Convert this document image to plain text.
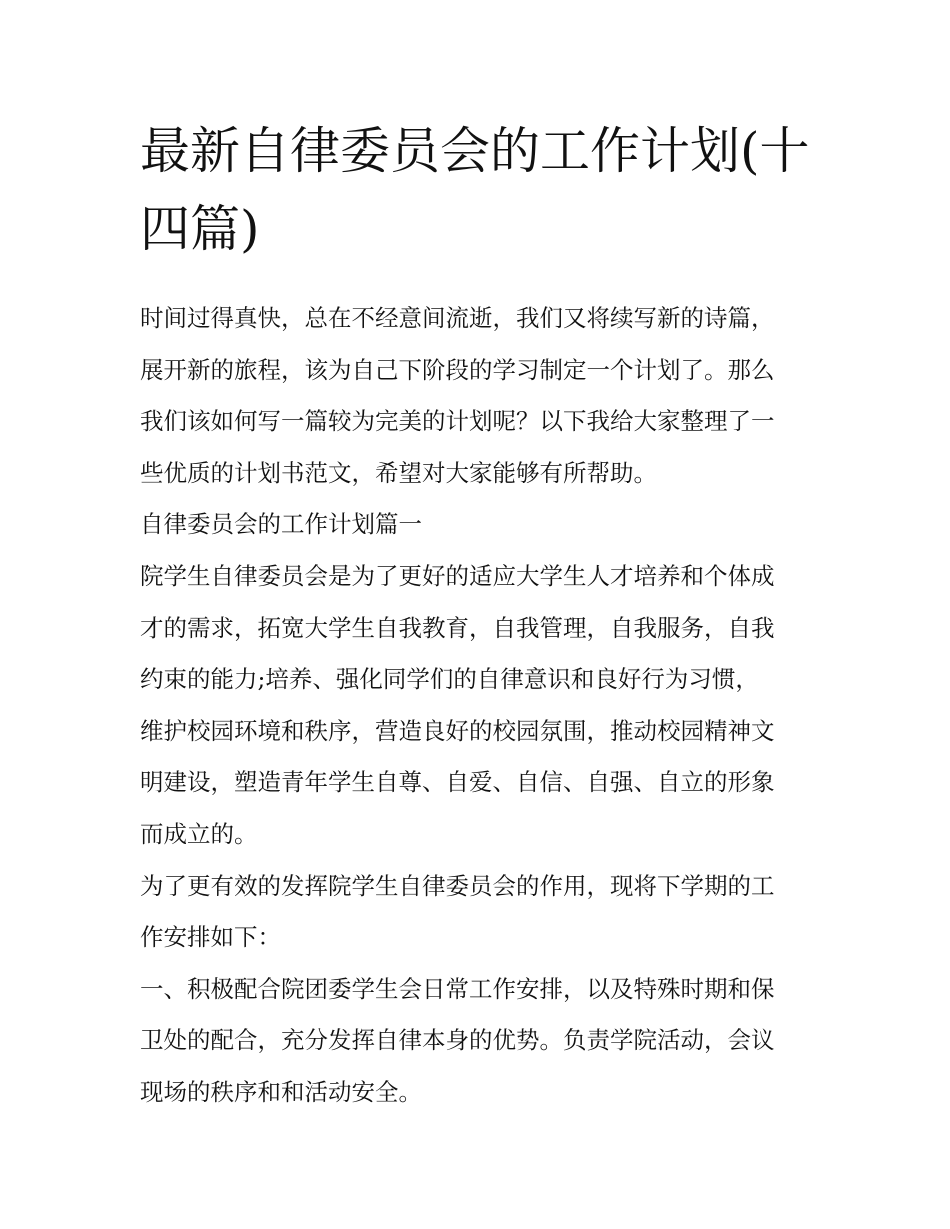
最新自律委员会的工作计划(十
四篇)

时间过得真快，总在不经意间流逝，我们又将续写新的诗篇，

展开新的旅程，该为自己下阶段的学习制定一个计划了。那么

我们该如何写一篇较为完美的计划呢？以下我给大家整理了一

些优质的计划书范文，希望对大家能够有所帮助。

自律委员会的工作计划篇一

院学生自律委员会是为了更好的适应大学生人才培养和个体成

才的需求，拓宽大学生自我教育，自我管理，自我服务，自我

约束的能力;培养、强化同学们的自律意识和良好行为习惯，

维护校园环境和秩序，营造良好的校园氛围，推动校园精神文

明建设，塑造青年学生自尊、自爱、自信、自强、自立的形象

而成立的。

为了更有效的发挥院学生自律委员会的作用，现将下学期的工

作安排如下：

一、积极配合院团委学生会日常工作安排，以及特殊时期和保

卫处的配合，充分发挥自律本身的优势。负责学院活动，会议

现场的秩序和和活动安全。
